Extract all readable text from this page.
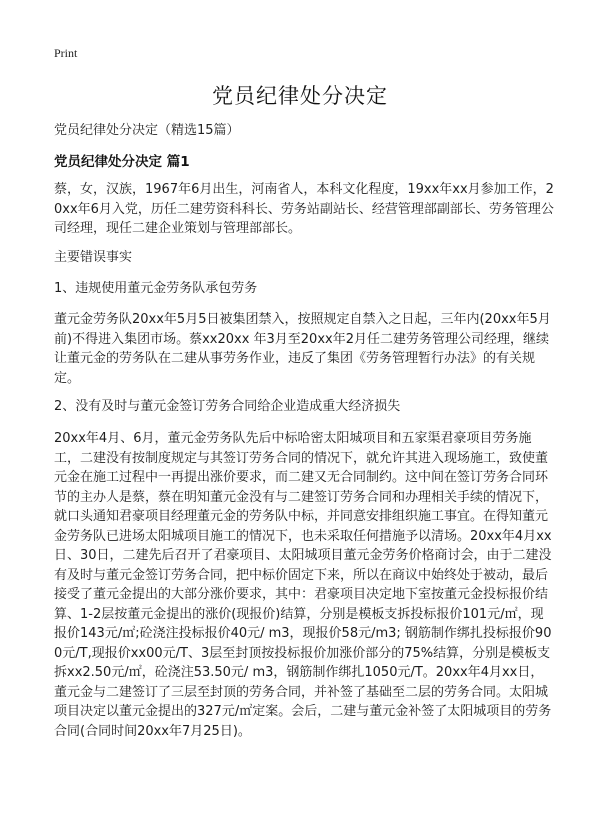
Print
党员纪律处分决定

党员纪律处分决定（精选15篇）

党员纪律处分决定 篇1

蔡，女，汉族，1967年6月出生，河南省人，本科文化程度，19xx年xx月参加工作，20xx年6月入党，历任二建劳资科科长、劳务站副站长、经营管理部副部长、劳务管理公司经理，现任二建企业策划与管理部部长。

主要错误事实

1、违规使用董元金劳务队承包劳务

董元金劳务队20xx年5月5日被集团禁入，按照规定自禁入之日起，三年内(20xx年5月前)不得进入集团市场。蔡xx20xx 年3月至20xx年2月任二建劳务管理公司经理，继续让董元金的劳务队在二建从事劳务作业，违反了集团《劳务管理暂行办法》的有关规定。

2、没有及时与董元金签订劳务合同给企业造成重大经济损失

20xx年4月、6月，董元金劳务队先后中标哈密太阳城项目和五家渠君豪项目劳务施工，二建没有按制度规定与其签订劳务合同的情况下，就允许其进入现场施工，致使董元金在施工过程中一再提出涨价要求，而二建又无合同制约。这中间在签订劳务合同环节的主办人是蔡，蔡在明知董元金没有与二建签订劳务合同和办理相关手续的情况下，就口头通知君豪项目经理董元金的劳务队中标，并同意安排组织施工事宜。在得知董元金劳务队已进场太阳城项目施工的情况下，也未采取任何措施予以清场。20xx年4月xx日、30日，二建先后召开了君豪项目、太阳城项目董元金劳务价格商讨会，由于二建没有及时与董元金签订劳务合同，把中标价固定下来，所以在商议中始终处于被动，最后接受了董元金提出的大部分涨价要求，其中：君豪项目决定地下室按董元金投标报价结算、1-2层按董元金提出的涨价(现报价)结算，分别是模板支拆投标报价101元/㎡，现报价143元/㎡;砼浇注投标报价40元/ m3，现报价58元/m3; 钢筋制作绑扎投标报价900元/T,现报价xx00元/T、3层至封顶按投标报价加涨价部分的75%结算，分别是模板支拆xx2.50元/㎡，砼浇注53.50元/ m3，钢筋制作绑扎1050元/T。20xx年4月xx日，董元金与二建签订了三层至封顶的劳务合同，并补签了基础至二层的劳务合同。太阳城项目决定以董元金提出的327元/㎡定案。会后，二建与董元金补签了太阳城项目的劳务合同(合同时间20xx年7月25日)。
